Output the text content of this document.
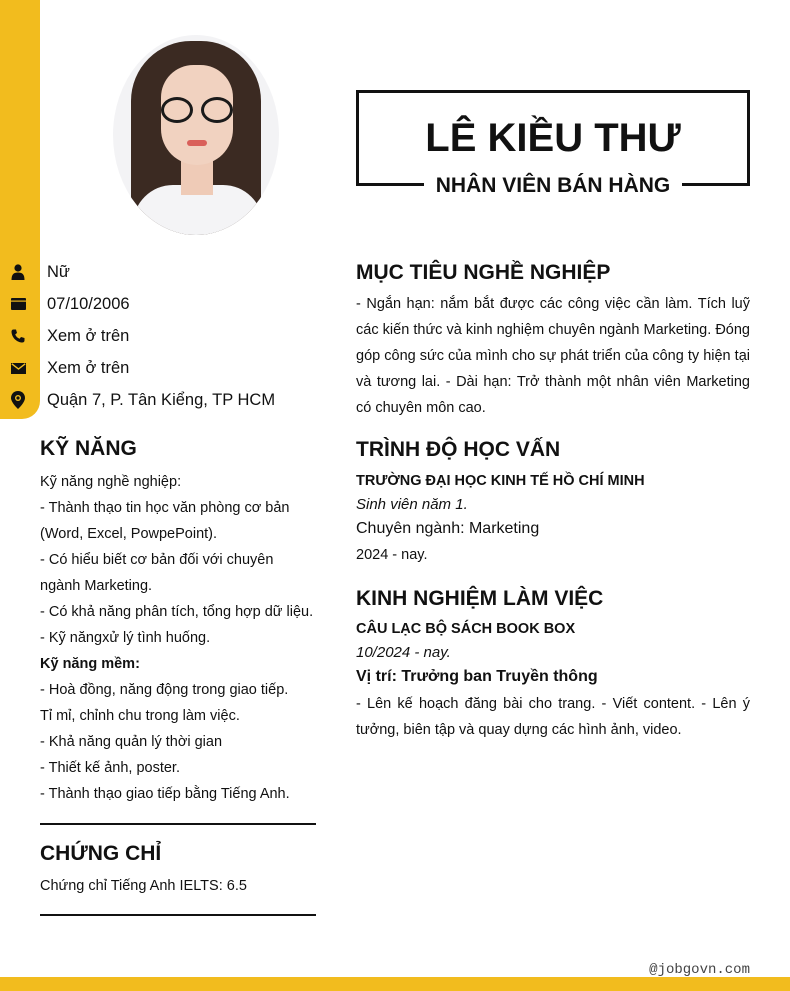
Nữ
07/10/2006
Xem ở trên
Xem ở trên
Quận 7, P. Tân Kiểng, TP HCM
LÊ KIỀU THƯ
NHÂN VIÊN BÁN HÀNG
KỸ NĂNG
Kỹ năng nghề nghiệp:
- Thành thạo tin học văn phòng cơ bản
(Word, Excel, PowpePoint).
- Có hiểu biết cơ bản đối với chuyên
ngành Marketing.
- Có khả năng phân tích, tổng hợp dữ liệu.
- Kỹ năngxử lý tình huống.
Kỹ năng mềm:
- Hoà đồng, năng động trong giao tiếp.
Tỉ mỉ, chỉnh chu trong làm việc.
- Khả năng quản lý thời gian
- Thiết kế ảnh, poster.
- Thành thạo giao tiếp bằng Tiếng Anh.
CHỨNG CHỈ
Chứng chỉ Tiếng Anh IELTS: 6.5
MỤC TIÊU NGHỀ NGHIỆP
- Ngắn hạn: nắm bắt được các công việc cần làm. Tích luỹ các kiến thức và kinh nghiệm chuyên ngành Marketing. Đóng góp công sức của mình cho sự phát triển của công ty hiện tại và tương lai. - Dài hạn: Trở thành một nhân viên Marketing có chuyên môn cao.
TRÌNH ĐỘ HỌC VẤN
TRƯỜNG ĐẠI HỌC KINH TẾ HỒ CHÍ MINH
Sinh viên năm 1.
Chuyên ngành: Marketing
2024 - nay.
KINH NGHIỆM LÀM VIỆC
CÂU LẠC BỘ SÁCH BOOK BOX
10/2024 - nay.
Vị trí: Trưởng ban Truyền thông
- Lên kế hoạch đăng bài cho trang. - Viết content. - Lên ý tưởng, biên tập và quay dựng các hình ảnh, video.
@jobgovn.com
